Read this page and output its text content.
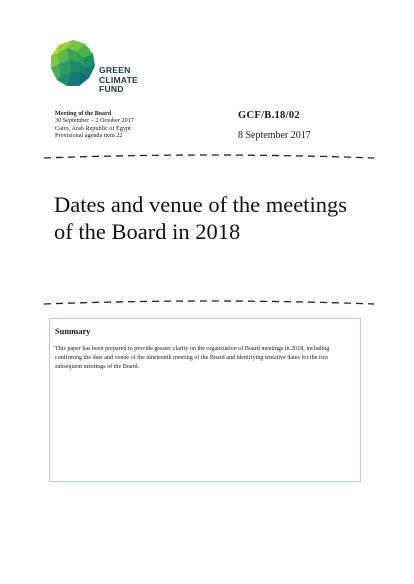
GREEN
CLIMATE
FUND
Meeting of the Board
30 September – 2 October 2017
Cairo, Arab Republic of Egypt
Provisional agenda item 22
GCF/B.18/02
8 September 2017
Dates and venue of the meetings of the Board in 2018
Summary
This paper has been prepared to provide greater clarity on the organization of Board meetings in 2018, including confirming the date and venue of the nineteenth meeting of the Board and identifying tentative dates for the two subsequent meetings of the Board.
